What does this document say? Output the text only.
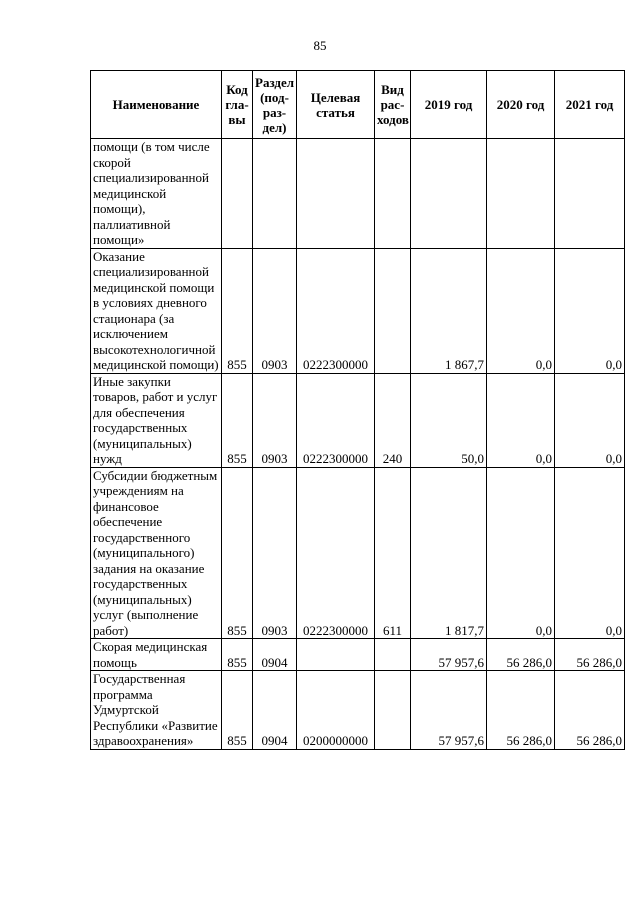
85
Наименование	Код гла-вы	Раздел (под-раз-дел)	Целевая статья	Вид рас-ходов	2019 год	2020 год	2021 год
помощи (в том числе скорой специализированной медицинской помощи), паллиативной помощи»							
Оказание специализированной медицинской помощи в условиях дневного стационара (за исключением высокотехнологичной медицинской помощи)	855	0903	0222300000		1 867,7	0,0	0,0
Иные закупки товаров, работ и услуг для обеспечения государственных (муниципальных) нужд	855	0903	0222300000	240	50,0	0,0	0,0
Субсидии бюджетным учреждениям на финансовое обеспечение государственного (муниципального) задания на оказание государственных (муниципальных) услуг (выполнение работ)	855	0903	0222300000	611	1 817,7	0,0	0,0
Скорая медицинская помощь	855	0904			57 957,6	56 286,0	56 286,0
Государственная программа Удмуртской Республики «Развитие здравоохранения»	855	0904	0200000000		57 957,6	56 286,0	56 286,0
